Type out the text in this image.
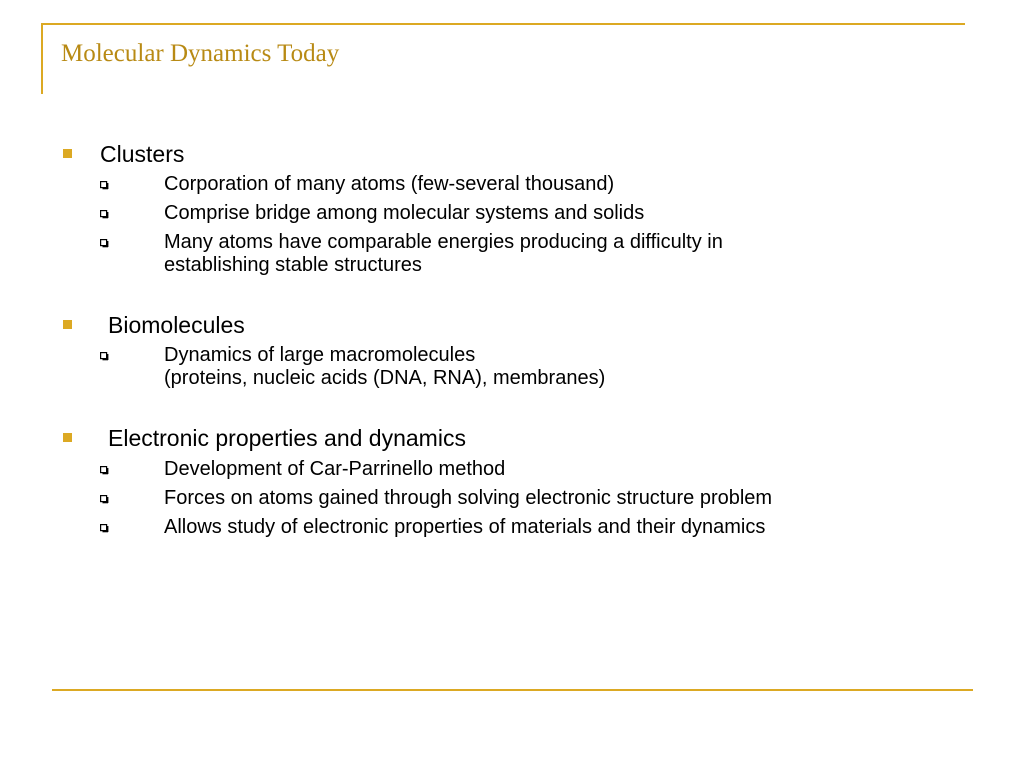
Molecular Dynamics Today
Clusters
Corporation of many atoms (few-several thousand)
Comprise bridge among molecular systems and solids
Many atoms have comparable energies producing a difficulty in
establishing stable structures
Biomolecules
Dynamics of large macromolecules
(proteins, nucleic acids (DNA, RNA), membranes)
Electronic properties and dynamics
Development of Car-Parrinello method
Forces on atoms gained through solving electronic structure problem
Allows study of electronic properties of materials and their dynamics
